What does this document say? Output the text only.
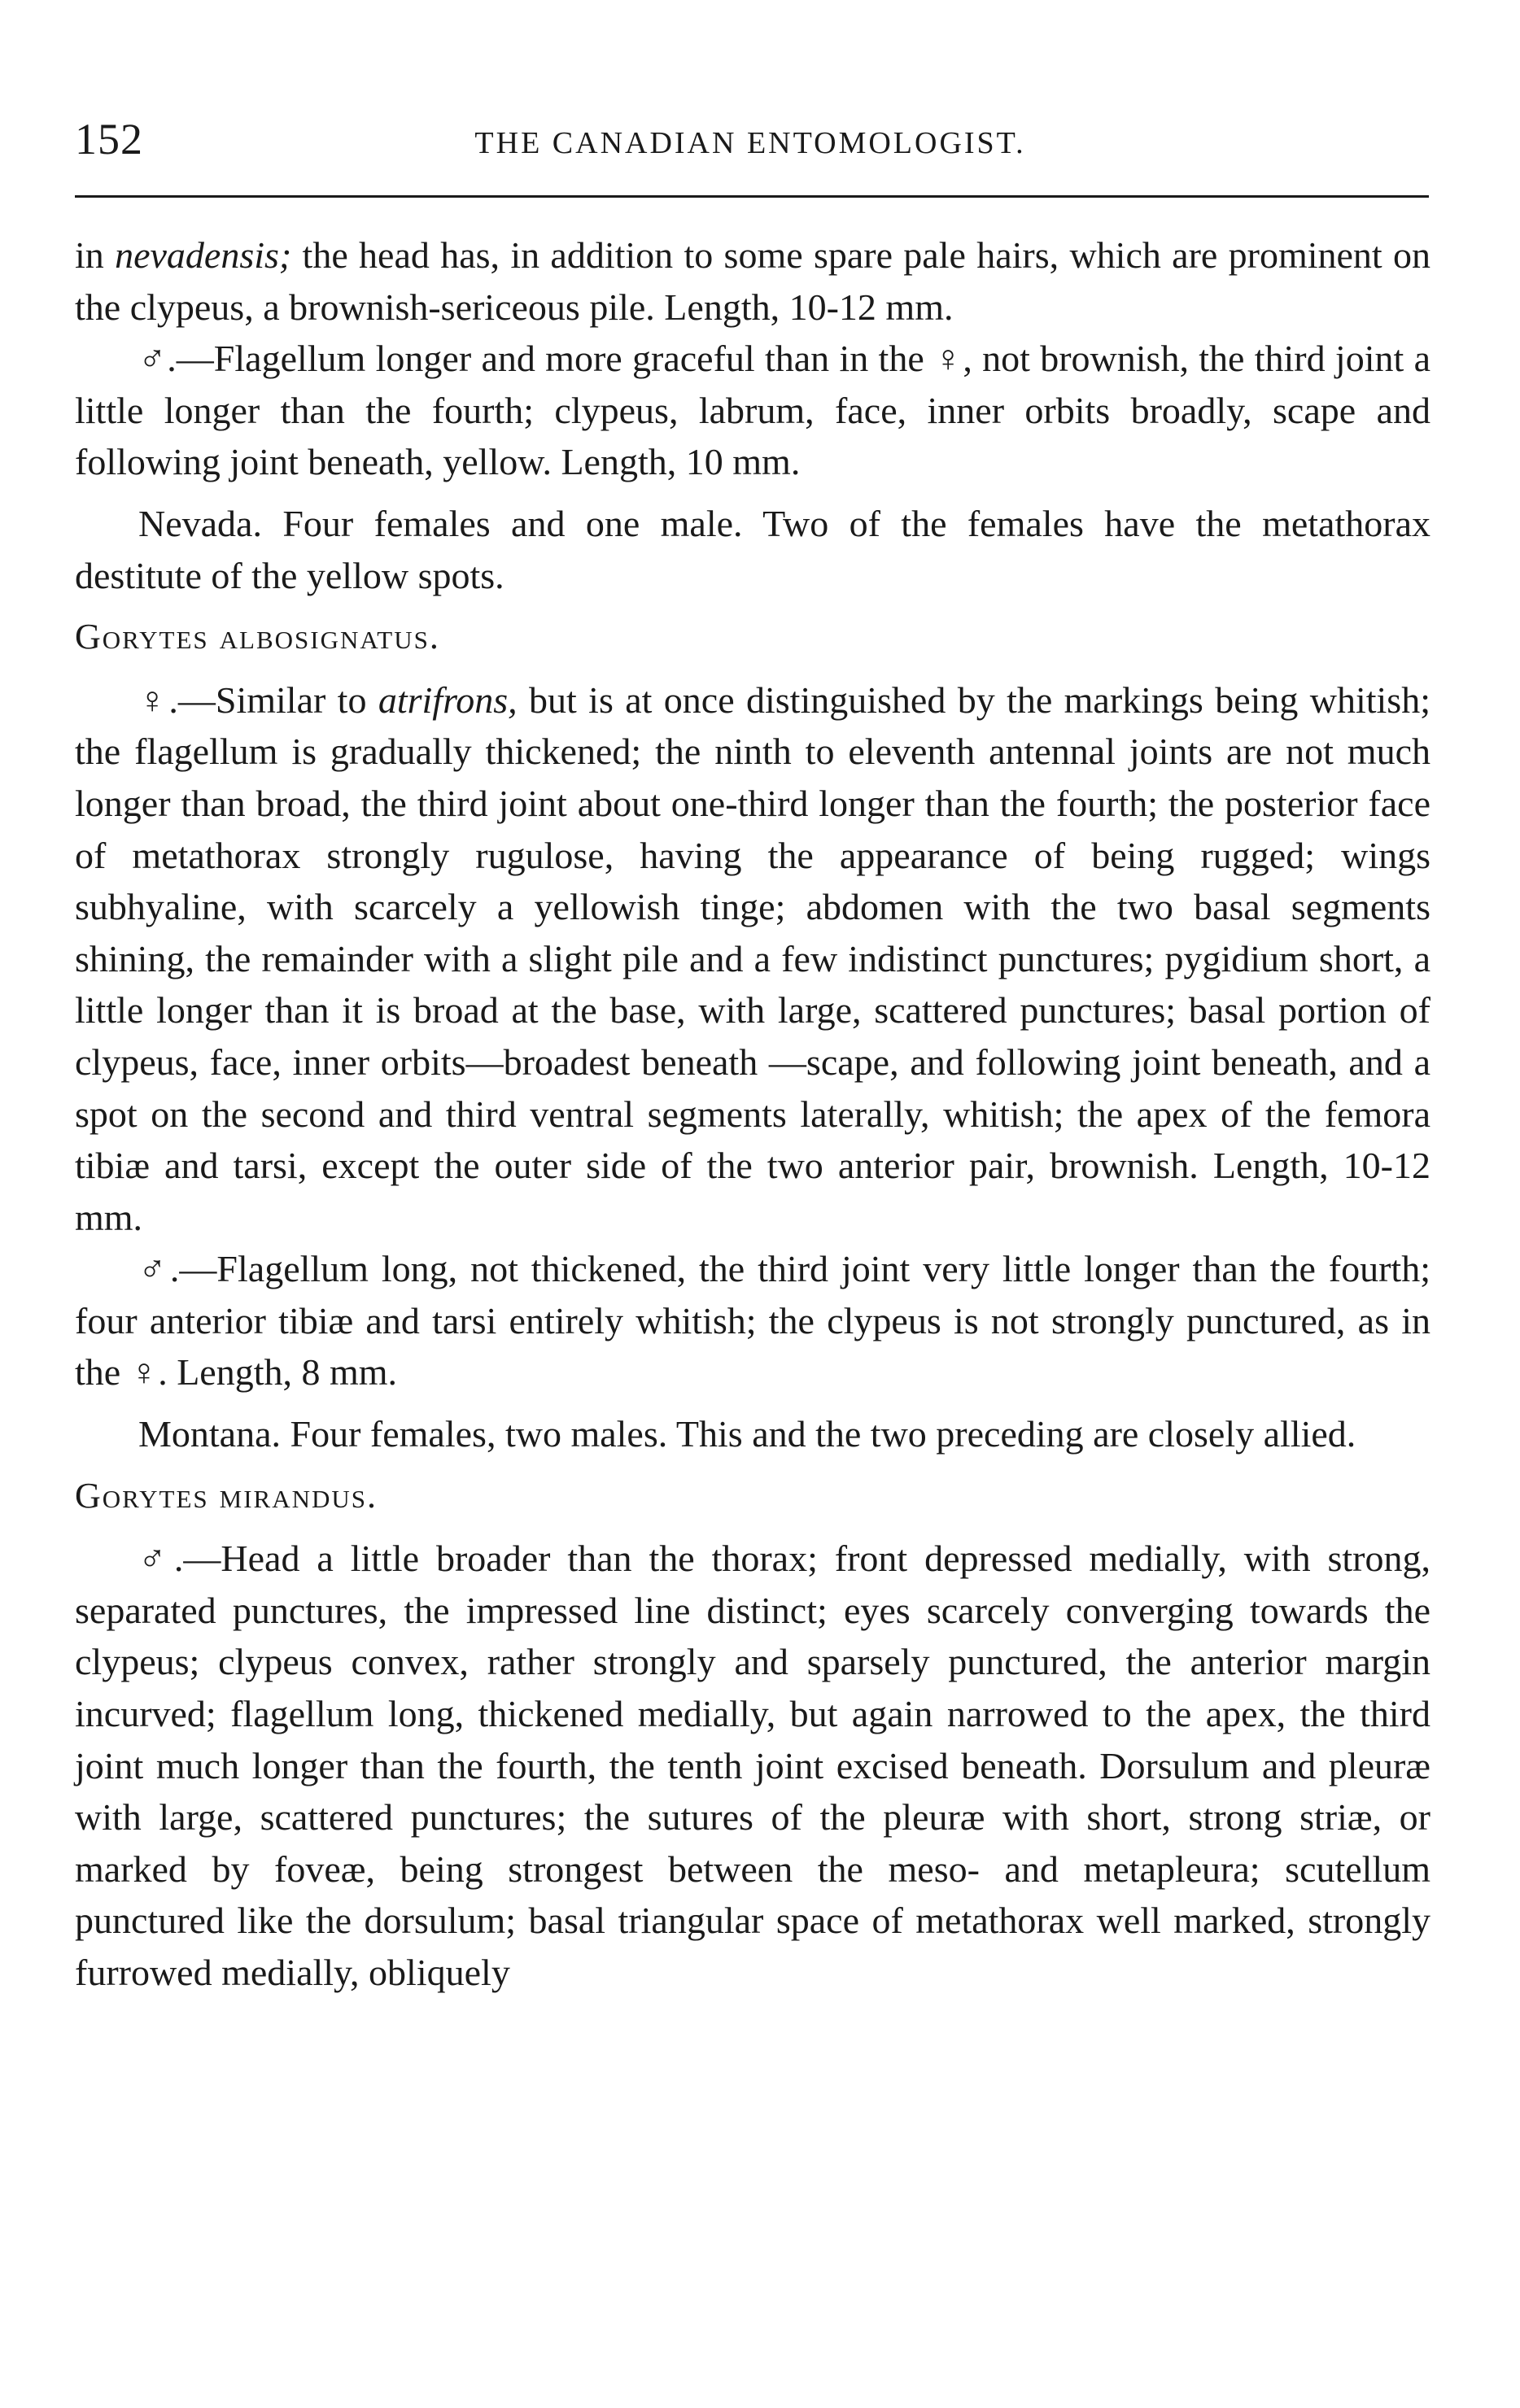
152	THE CANADIAN ENTOMOLOGIST.

in nevadensis; the head has, in addition to some spare pale hairs, which are prominent on the clypeus, a brownish-sericeous pile. Length, 10-12 mm.

♂.—Flagellum longer and more graceful than in the ♀, not brownish, the third joint a little longer than the fourth; clypeus, labrum, face, inner orbits broadly, scape and following joint beneath, yellow. Length, 10 mm.

Nevada. Four females and one male. Two of the females have the metathorax destitute of the yellow spots.

Gorytes albosignatus.

♀.—Similar to atrifrons, but is at once distinguished by the markings being whitish; the flagellum is gradually thickened; the ninth to eleventh antennal joints are not much longer than broad, the third joint about one-third longer than the fourth; the posterior face of metathorax strongly rugulose, having the appearance of being rugged; wings subhyaline, with scarcely a yellowish tinge; abdomen with the two basal segments shining, the remainder with a slight pile and a few indistinct punctures; pygidium short, a little longer than it is broad at the base, with large, scattered punctures; basal portion of clypeus, face, inner orbits—broadest beneath —scape, and following joint beneath, and a spot on the second and third ventral segments laterally, whitish; the apex of the femora tibiæ and tarsi, except the outer side of the two anterior pair, brownish. Length, 10-12 mm.

♂.—Flagellum long, not thickened, the third joint very little longer than the fourth; four anterior tibiæ and tarsi entirely whitish; the clypeus is not strongly punctured, as in the ♀. Length, 8 mm.

Montana. Four females, two males. This and the two preceding are closely allied.

Gorytes mirandus.

♂.—Head a little broader than the thorax; front depressed medially, with strong, separated punctures, the impressed line distinct; eyes scarcely converging towards the clypeus; clypeus convex, rather strongly and sparsely punctured, the anterior margin incurved; flagellum long, thickened medially, but again narrowed to the apex, the third joint much longer than the fourth, the tenth joint excised beneath. Dorsulum and pleuræ with large, scattered punctures; the sutures of the pleuræ with short, strong striæ, or marked by foveæ, being strongest between the meso- and metapleura; scutellum punctured like the dorsulum; basal triangular space of metathorax well marked, strongly furrowed medially, obliquely
